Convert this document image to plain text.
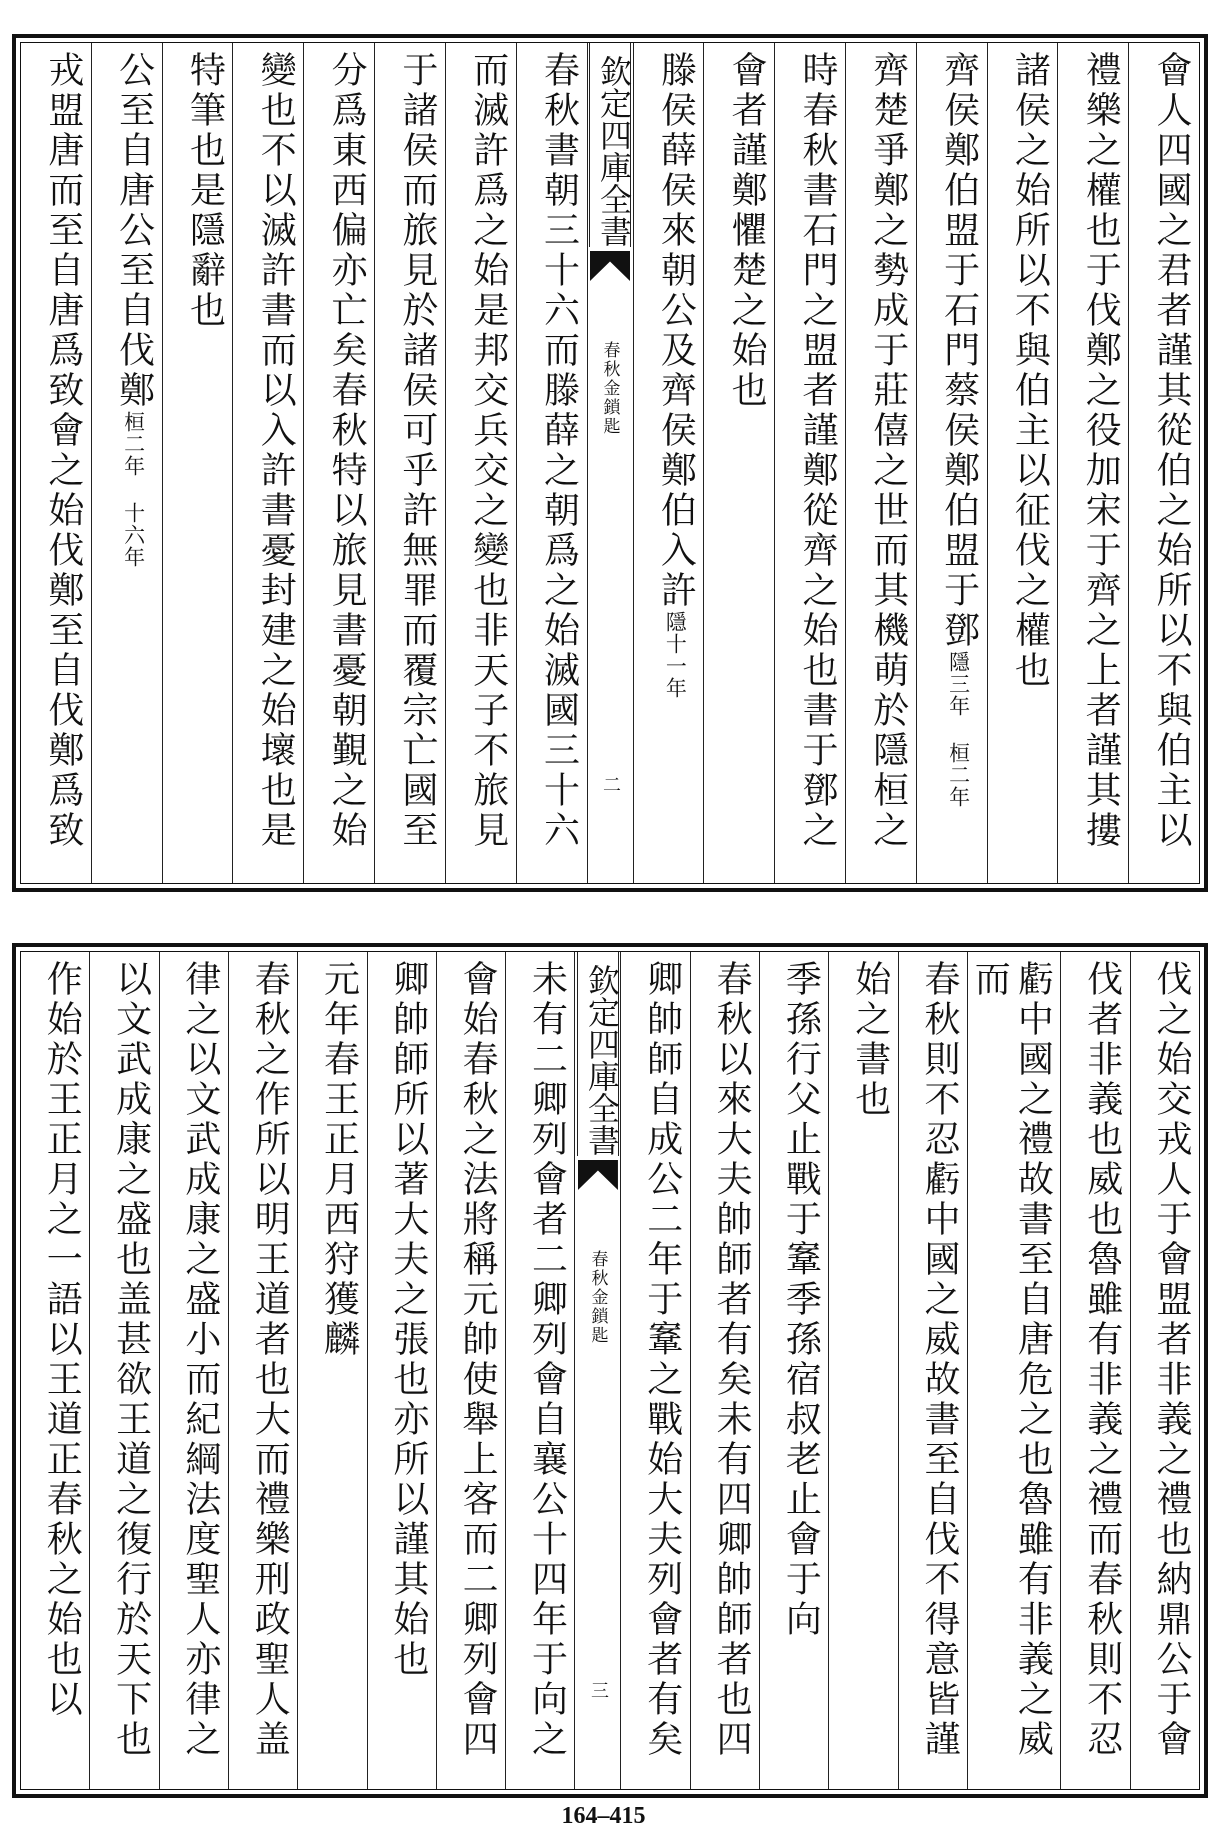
會人四國之君者謹其從伯之始所以不與伯主以
禮樂之權也于伐鄭之役加宋于齊之上者謹其摟
諸侯之始所以不與伯主以征伐之權也
齊侯鄭伯盟于石門蔡侯鄭伯盟于鄧隱三年 桓二年
齊楚爭鄭之勢成于莊僖之世而其機萌於隱桓之
時春秋書石門之盟者謹鄭從齊之始也書于鄧之
會者謹鄭懼楚之始也
滕侯薛侯來朝公及齊侯鄭伯入許隱十一年
欽定四庫全書
春秋金鎖匙
二
春秋書朝三十六而滕薛之朝爲之始滅國三十六
而滅許爲之始是邦交兵交之變也非天子不旅見
于諸侯而旅見於諸侯可乎許無罪而覆宗亡國至
分爲東西偏亦亡矣春秋特以旅見書憂朝覲之始
變也不以滅許書而以入許書憂封建之始壞也是
特筆也是隱辭也
公至自唐公至自伐鄭桓二年 十六年
戎盟唐而至自唐爲致會之始伐鄭至自伐鄭爲致
伐之始交戎人于會盟者非義之禮也納鼎公于會
伐者非義也威也魯雖有非義之禮而春秋則不忍
虧中國之禮故書至自唐危之也魯雖有非義之威而
春秋則不忍虧中國之威故書至自伐不得意皆謹
始之書也
季孫行父止戰于鞌季孫宿叔老止會于向
春秋以來大夫帥師者有矣未有四卿帥師者也四
卿帥師自成公二年于鞌之戰始大夫列會者有矣
欽定四庫全書
春秋金鎖匙
三
未有二卿列會者二卿列會自襄公十四年于向之
會始春秋之法將稱元帥使舉上客而二卿列會四
卿帥師所以著大夫之張也亦所以謹其始也
元年春王正月西狩獲麟
春秋之作所以明王道者也大而禮樂刑政聖人盖
律之以文武成康之盛小而紀綱法度聖人亦律之
以文武成康之盛也盖甚欲王道之復行於天下也
作始於王正月之一語以王道正春秋之始也以
164–415
